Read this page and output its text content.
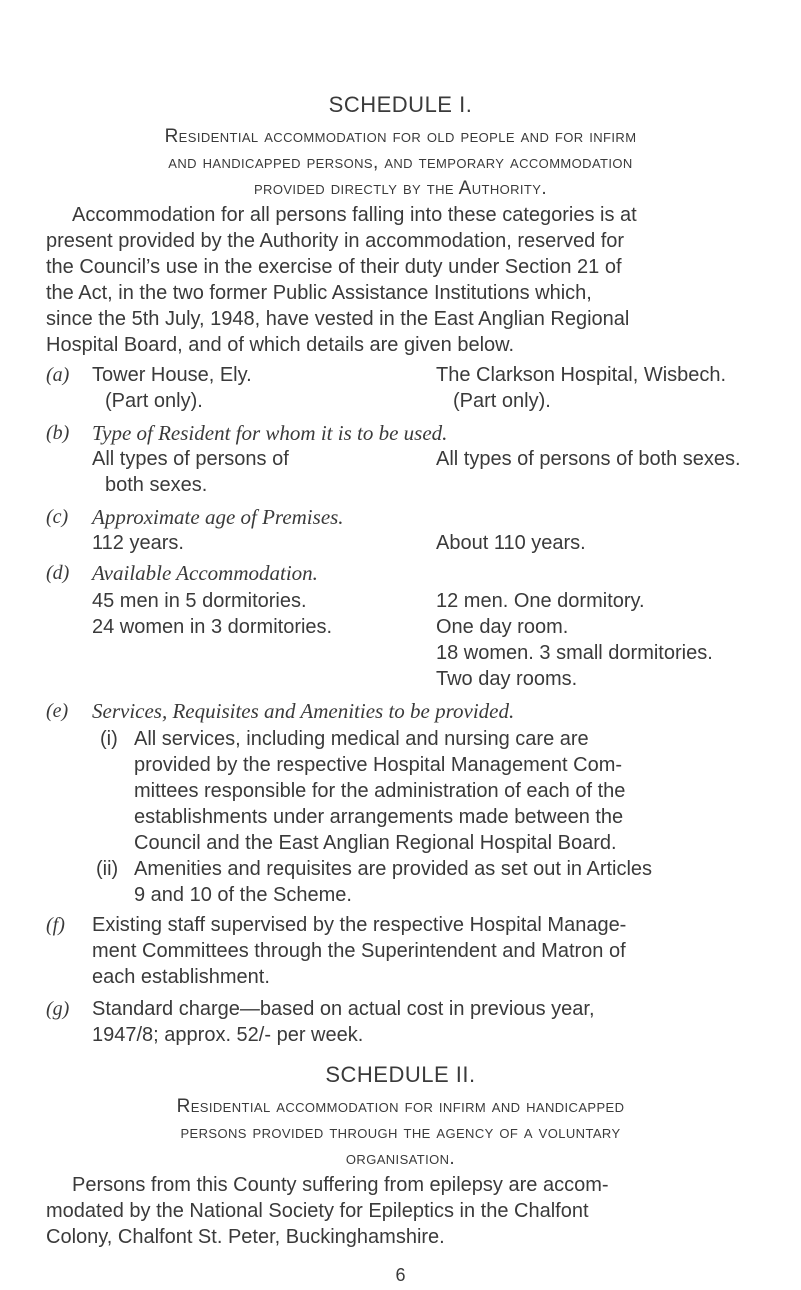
SCHEDULE I.
Residential accommodation for old people and for infirm
and handicapped persons, and temporary accommodation
provided directly by the Authority.
Accommodation for all persons falling into these categories is at
present provided by the Authority in accommodation, reserved for
the Council’s use in the exercise of their duty under Section 21 of
the Act, in the two former Public Assistance Institutions which,
since the 5th July, 1948, have vested in the East Anglian Regional
Hospital Board, and of which details are given below.
(a) Tower House, Ely.
(Part only).
The Clarkson Hospital, Wisbech.
(Part only).
(b) Type of Resident for whom it is to be used.
All types of persons of
both sexes.
All types of persons of both sexes.
(c) Approximate age of Premises.
112 years.	About 110 years.
(d) Available Accommodation.
45 men in 5 dormitories.
24 women in 3 dormitories.
12 men. One dormitory.
One day room.
18 women. 3 small dormitories.
Two day rooms.
(e) Services, Requisites and Amenities to be provided.
(i) All services, including medical and nursing care are
provided by the respective Hospital Management Com-
mittees responsible for the administration of each of the
establishments under arrangements made between the
Council and the East Anglian Regional Hospital Board.
(ii) Amenities and requisites are provided as set out in Articles
9 and 10 of the Scheme.
(f) Existing staff supervised by the respective Hospital Manage-
ment Committees through the Superintendent and Matron of
each establishment.
(g) Standard charge—based on actual cost in previous year,
1947/8; approx. 52/- per week.
SCHEDULE II.
Residential accommodation for infirm and handicapped
persons provided through the agency of a voluntary
organisation.
Persons from this County suffering from epilepsy are accom-
modated by the National Society for Epileptics in the Chalfont
Colony, Chalfont St. Peter, Buckinghamshire.
6
